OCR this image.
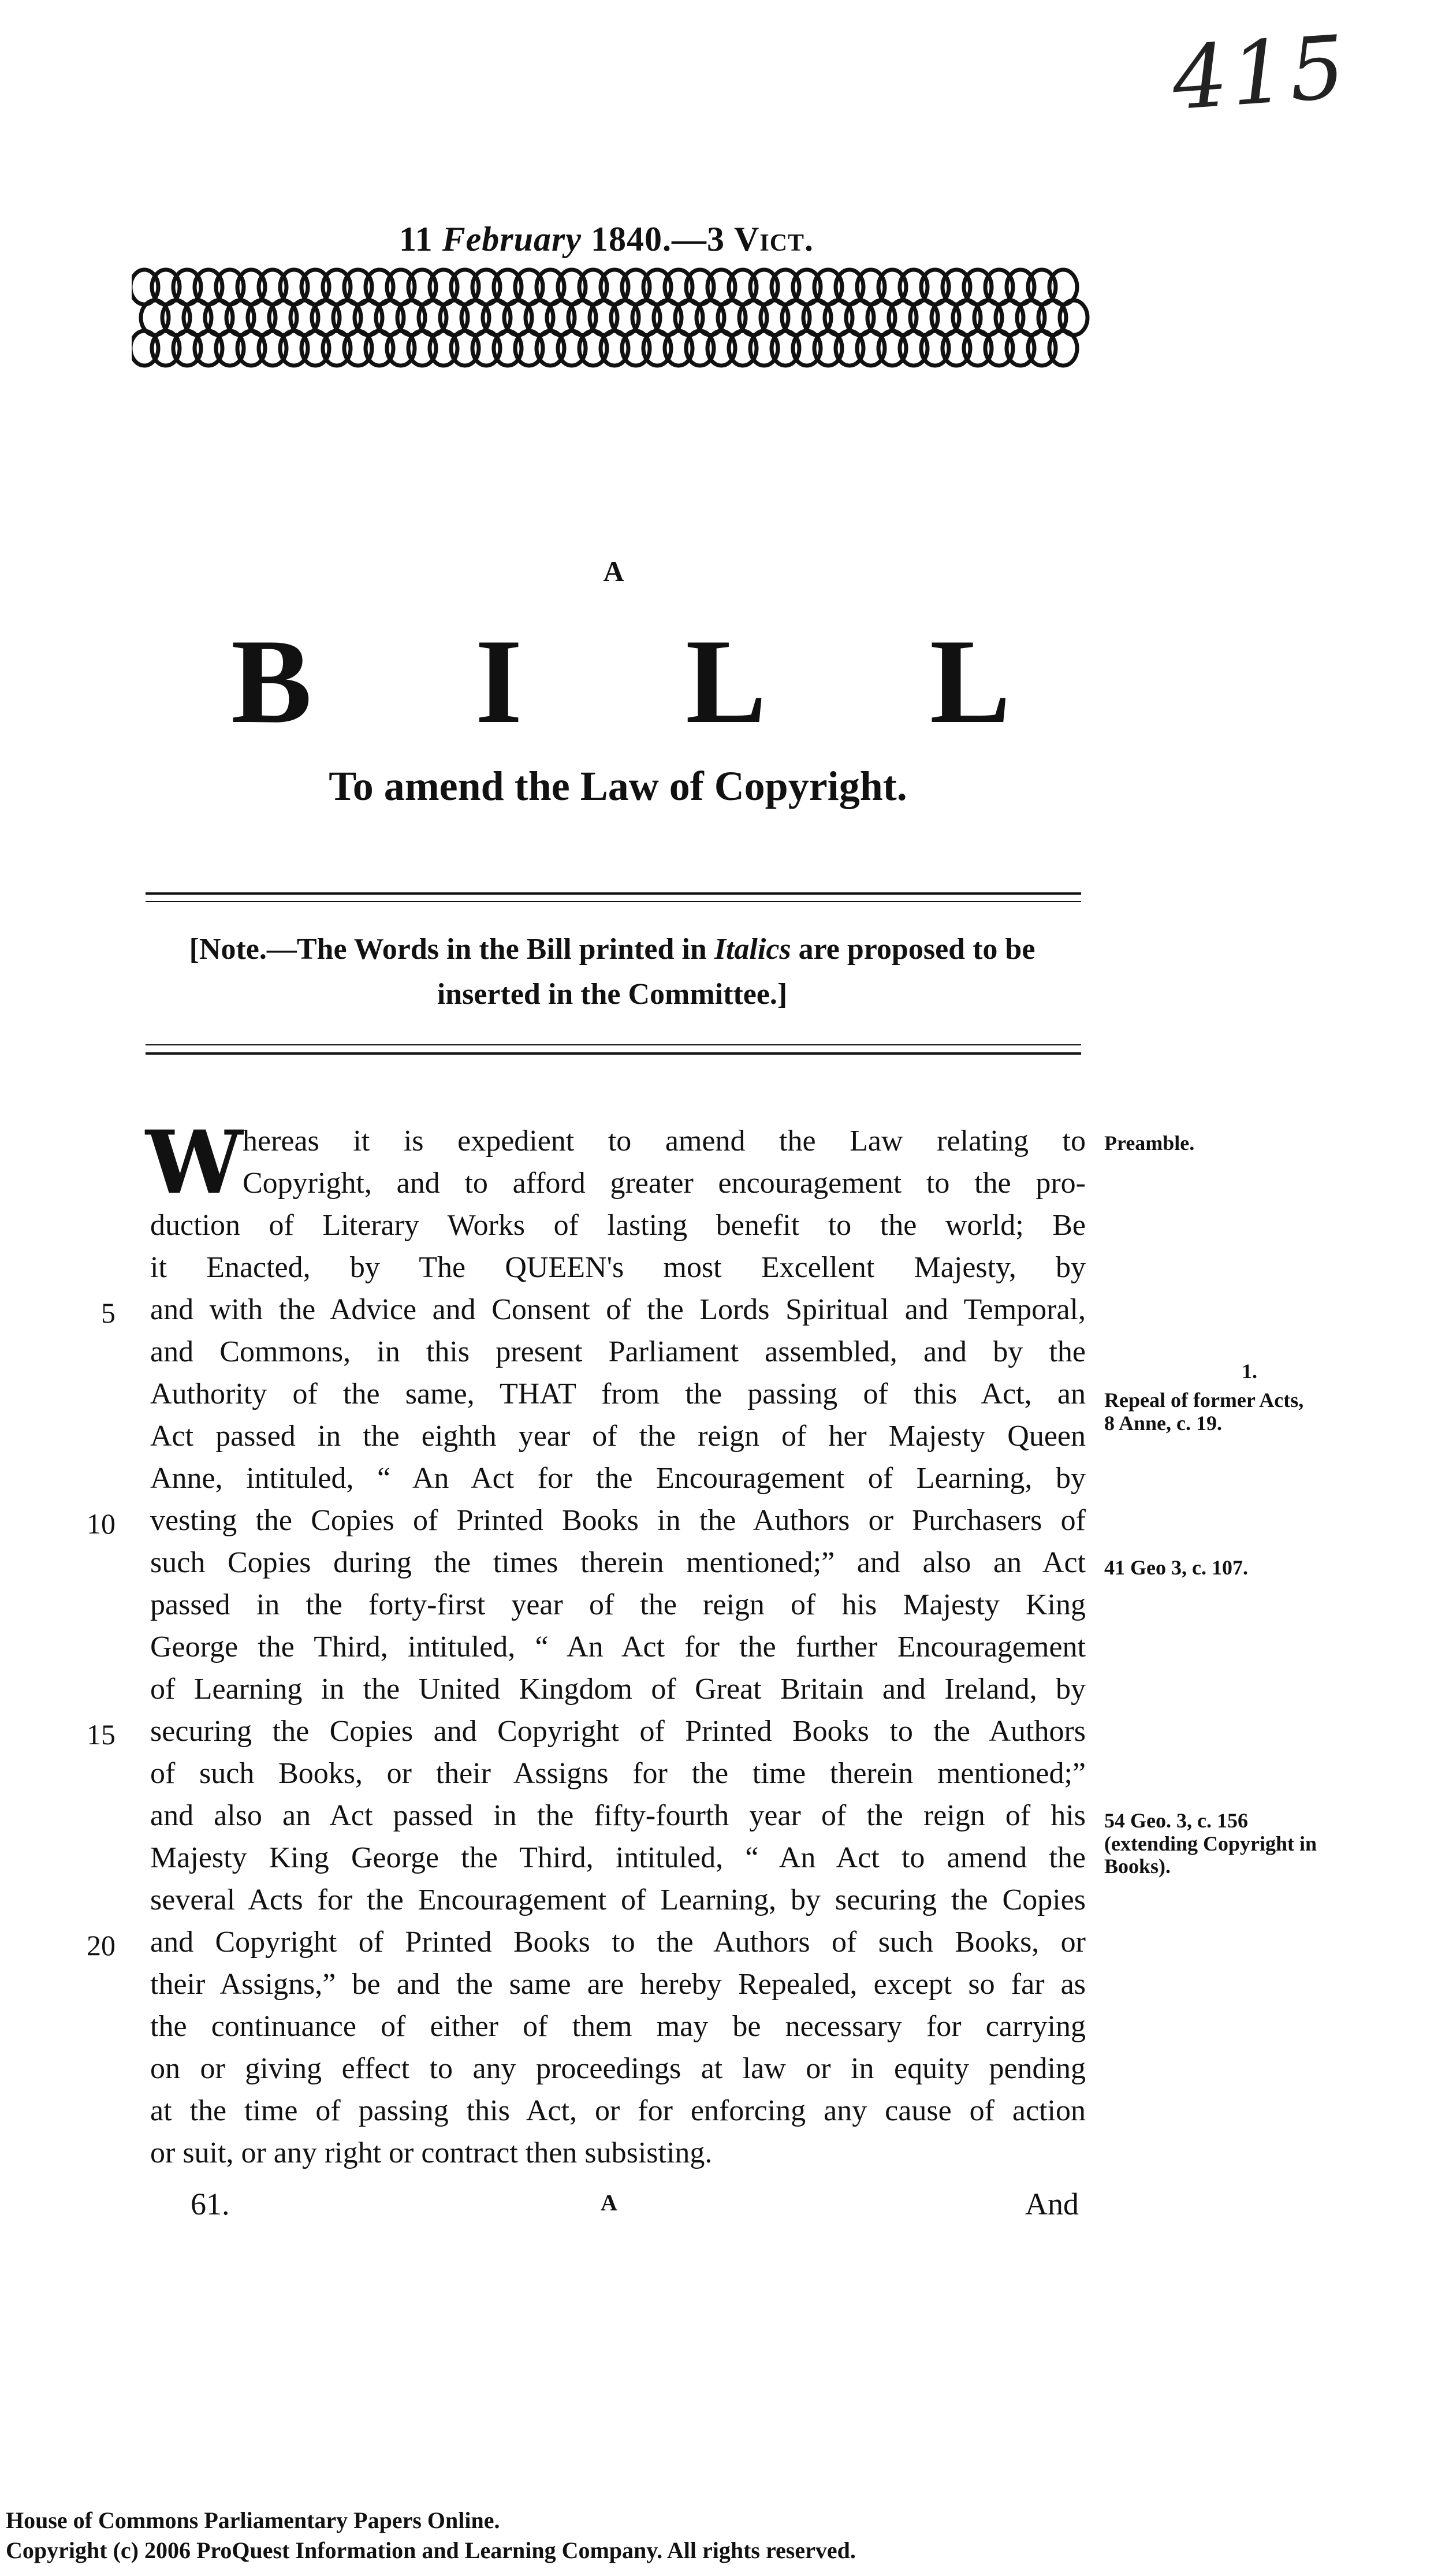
415
11 February 1840.—3 Vict.
A
B I L L
To amend the Law of Copyright.
[Note.—The Words in the Bill printed in Italics are proposed to be
inserted in the Committee.]
W hereas it is expedient to amend the Law relating to
Copyright, and to afford greater encouragement to the pro-
duction of Literary Works of lasting benefit to the world; Be
it Enacted, by The QUEEN's most Excellent Majesty, by
and with the Advice and Consent of the Lords Spiritual and Temporal,
and Commons, in this present Parliament assembled, and by the
Authority of the same, THAT from the passing of this Act, an
Act passed in the eighth year of the reign of her Majesty Queen
Anne, intituled, “ An Act for the Encouragement of Learning, by
vesting the Copies of Printed Books in the Authors or Purchasers of
such Copies during the times therein mentioned;” and also an Act
passed in the forty-first year of the reign of his Majesty King
George the Third, intituled, “ An Act for the further Encouragement
of Learning in the United Kingdom of Great Britain and Ireland, by
securing the Copies and Copyright of Printed Books to the Authors
of such Books, or their Assigns for the time therein mentioned;”
and also an Act passed in the fifty-fourth year of the reign of his
Majesty King George the Third, intituled, “ An Act to amend the
several Acts for the Encouragement of Learning, by securing the Copies
and Copyright of Printed Books to the Authors of such Books, or
their Assigns,” be and the same are hereby Repealed, except so far as
the continuance of either of them may be necessary for carrying
on or giving effect to any proceedings at law or in equity pending
at the time of passing this Act, or for enforcing any cause of action
or suit, or any right or contract then subsisting.
5
10
15
20
Preamble.
1.
Repeal of former Acts, 8 Anne, c. 19.
41 Geo 3, c. 107.
54 Geo. 3, c. 156 (extending Copyright in Books).
61.	A	And
House of Commons Parliamentary Papers Online.
Copyright (c) 2006 ProQuest Information and Learning Company. All rights reserved.
